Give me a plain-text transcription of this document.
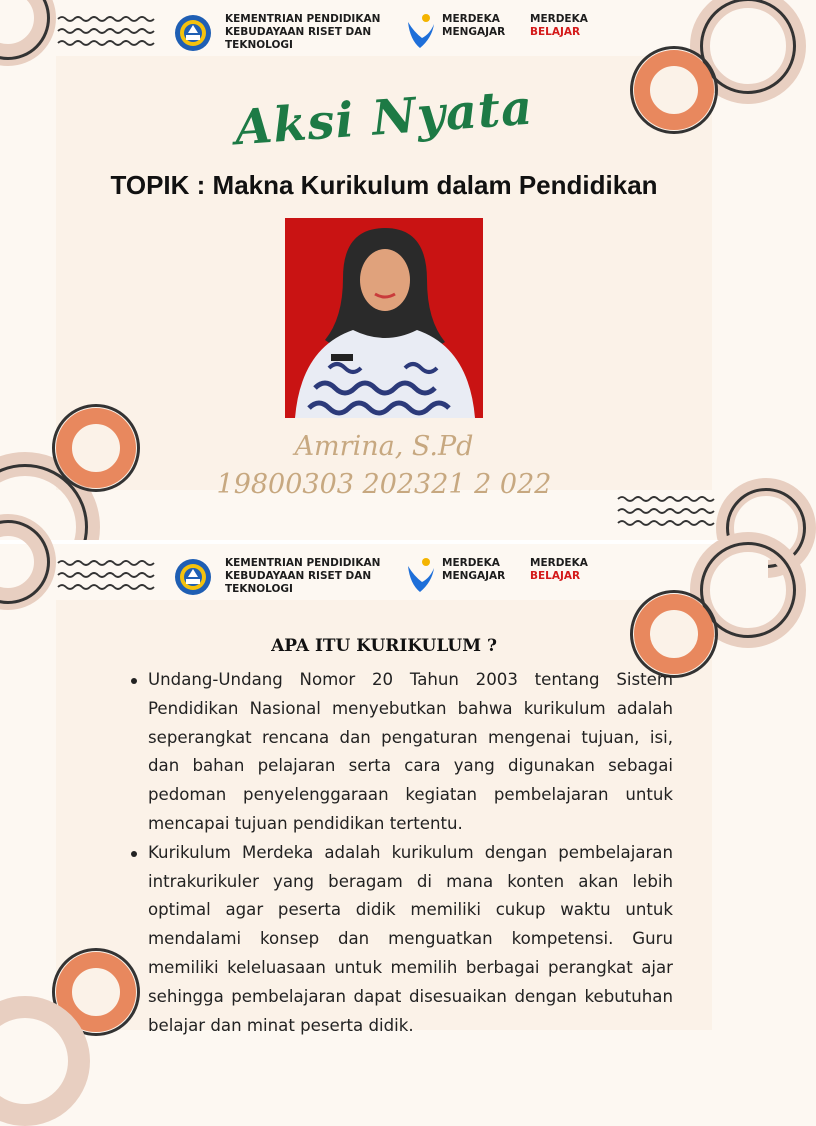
KEMENTRIAN PENDIDIKAN
KEBUDAYAAN RISET DAN
TEKNOLOGI
MERDEKA
MENGAJAR
MERDEKA
BELAJAR
Aksi Nyata
TOPIK : Makna Kurikulum dalam Pendidikan
Amrina, S.Pd
19800303 202321 2 022
KEMENTRIAN PENDIDIKAN
KEBUDAYAAN RISET DAN
TEKNOLOGI
MERDEKA
MENGAJAR
MERDEKA
BELAJAR
APA ITU KURIKULUM ?
Undang-Undang Nomor 20 Tahun 2003 tentang Sistem Pendidikan Nasional menyebutkan bahwa kurikulum adalah seperangkat rencana dan pengaturan mengenai tujuan, isi, dan bahan pelajaran serta cara yang digunakan sebagai pedoman penyelenggaraan kegiatan pembelajaran untuk mencapai tujuan pendidikan tertentu.
Kurikulum Merdeka adalah kurikulum dengan pembelajaran intrakurikuler yang beragam di mana konten akan lebih optimal agar peserta didik memiliki cukup waktu untuk mendalami konsep dan menguatkan kompetensi. Guru memiliki keleluasaan untuk memilih berbagai perangkat ajar sehingga pembelajaran dapat disesuaikan dengan kebutuhan belajar dan minat peserta didik.
